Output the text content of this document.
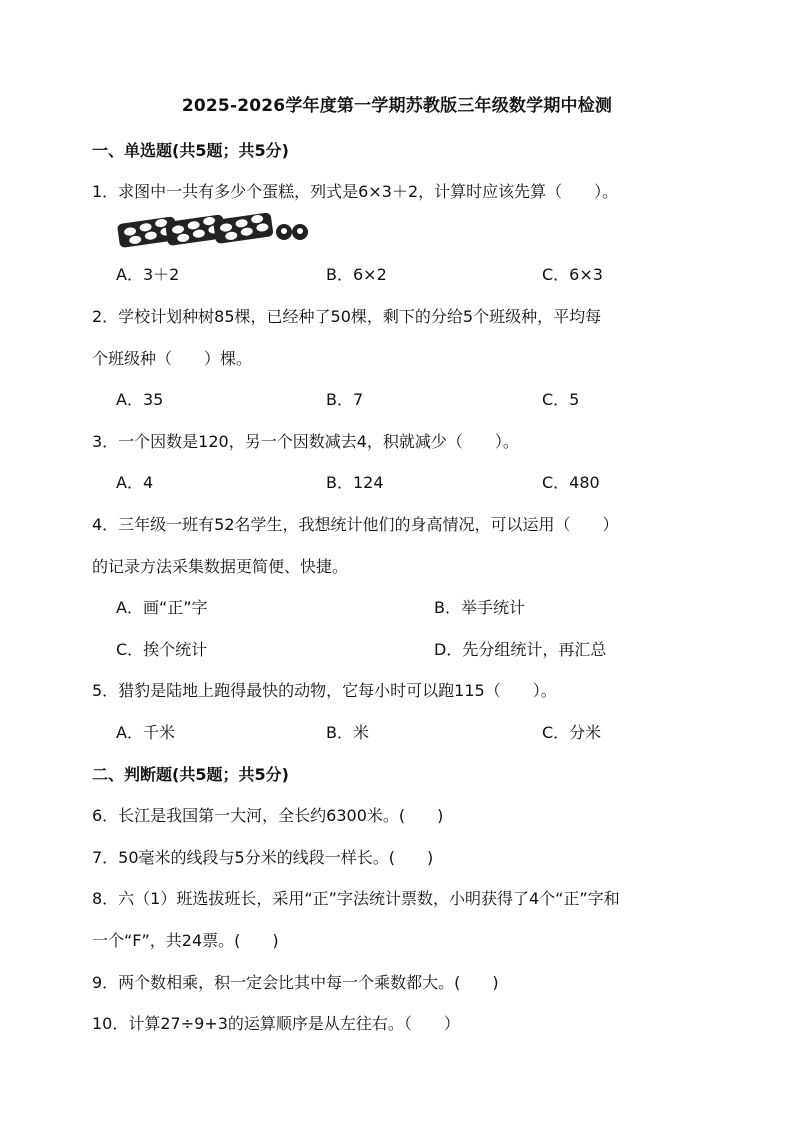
2025-2026学年度第一学期苏教版三年级数学期中检测
一、单选题(共5题；共5分)
1．求图中一共有多少个蛋糕，列式是6×3＋2，计算时应该先算（　　）。
A．3＋2	B．6×2	C．6×3
2．学校计划种树85棵，已经种了50棵，剩下的分给5个班级种，平均每
个班级种（　　）棵。
A．35	B．7	C．5
3．一个因数是120，另一个因数减去4，积就减少（　　）。
A．4	B．124	C．480
4．三年级一班有52名学生，我想统计他们的身高情况，可以运用（　　）
的记录方法采集数据更简便、快捷。
A．画“正”字	B．举手统计
C．挨个统计	D．先分组统计，再汇总
5．猎豹是陆地上跑得最快的动物，它每小时可以跑115（　　）。
A．千米	B．米	C．分米
二、判断题(共5题；共5分)
6．长江是我国第一大河，全长约6300米。(　　)
7．50毫米的线段与5分米的线段一样长。(　　)
8．六（1）班选拔班长，采用“正”字法统计票数，小明获得了4个“正”字和
一个“F”，共24票。(　　)
9．两个数相乘，积一定会比其中每一个乘数都大。(　　)
10．计算27÷9+3的运算顺序是从左往右。（　　）
